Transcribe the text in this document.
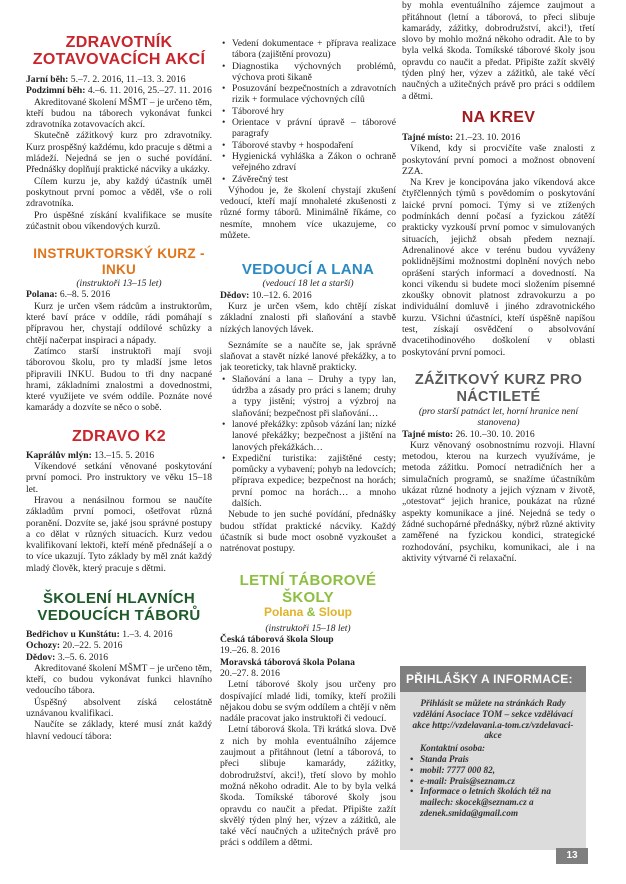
ZDRAVOTNÍK ZOTAVOVACÍCH AKCÍ

Jarní běh: 5.–7. 2. 2016, 11.–13. 3. 2016

Podzimní běh: 4.–6. 11. 2016, 25.–27. 11. 2016

Akreditované školení MŠMT – je určeno těm, kteří budou na táborech vykonávat funkci zdravotníka zotavovacích akcí.

Skutečně zážitkový kurz pro zdravotníky. Kurz prospěšný každému, kdo pracuje s dětmi a mládeží. Nejedná se jen o suché povídání. Přednášky doplňují praktické nácviky a ukázky.

Cílem kurzu je, aby každý účastník uměl poskytnout první pomoc a věděl, vše o roli zdravotníka.

Pro úspěšné získání kvalifikace se musíte zúčastnit obou víkendových kurzů.

INSTRUKTORSKÝ KURZ - INKU

(instruktoři 13–15 let)

Polana: 6.–8. 5. 2016

Kurz je určen všem rádcům a instruktorům, které baví práce v oddíle, rádi pomáhají s přípravou her, chystají oddílové schůzky a chtějí načerpat inspiraci a nápady.

Zatímco starší instruktoři mají svoji táborovou školu, pro ty mladší jsme letos připravili INKU. Budou to tři dny nacpané hrami, základními znalostmi a dovednostmi, které využijete ve svém oddíle. Poznáte nové kamarády a dozvíte se něco o sobě.

ZDRAVO K2

Kaprálův mlýn: 13.–15. 5. 2016

Víkendové setkání věnované poskytování první pomoci. Pro instruktory ve věku 15–18 let.

Hravou a nenásilnou formou se naučíte základům první pomoci, ošetřovat různá poranění. Dozvíte se, jaké jsou správné postupy a co dělat v různých situacích. Kurz vedou kvalifikovaní lektoři, kteří méně přednášejí a o to více ukazují. Tyto základy by měl znát každý mladý člověk, který pracuje s dětmi.

ŠKOLENÍ HLAVNÍCH VEDOUCÍCH TÁBORŮ

Bedřichov u Kunštátu: 1.–3. 4. 2016

Ochozy: 20.–22. 5. 2016

Dědov: 3.–5. 6. 2016

Akreditované školení MŠMT – je určeno těm, kteří, co budou vykonávat funkci hlavního vedoucího tábora.

Úspěšný absolvent získá celostátně uznávanou kvalifikaci.

Naučíte se základy, které musí znát každý hlavní vedoucí tábora:

• Vedení dokumentace + příprava realizace tábora (zajištění provozu)
• Diagnostika výchovných problémů, výchova proti šikaně
• Posuzování bezpečnostních a zdravotních rizik + formulace výchovných cílů
• Táborové hry
• Orientace v právní úpravě – táborové paragrafy
• Táborové stavby + hospodaření
• Hygienická vyhláška a Zákon o ochraně veřejného zdraví
• Závěrečný test

Výhodou je, že školení chystají zkušení vedoucí, kteří mají mnohaleté zkušenosti z různé formy táborů. Minimálně říkáme, co nesmíte, mnohem více ukazujeme, co můžete.

VEDOUCÍ A LANA

(vedoucí 18 let a starší)

Dědov: 10.–12. 6. 2016

Kurz je určen všem, kdo chtějí získat základní znalosti při slaňování a stavbě nízkých lanových lávek.

Seznámíte se a naučíte se, jak správně slaňovat a stavět nízké lanové překážky, a to jak teoreticky, tak hlavně prakticky.

• Slaňování a lana – Druhy a typy lan, údržba a zásady pro práci s lanem; druhy a typy jistění; výstroj a výzbroj na slaňování; bezpečnost při slaňování…
• lanové překážky: způsob vázání lan; nízké lanové překážky; bezpečnost a jištění na lanových překážkách…
• Expediční turistika: zajištěné cesty; pomůcky a vybavení; pohyb na ledovcích; příprava expedice; bezpečnost na horách; první pomoc na horách… a mnoho dalších.

Nebude to jen suché povídání, přednášky budou střídat praktické nácviky. Každý účastník si bude moct osobně vyzkoušet a natrénovat postupy.

LETNÍ TÁBOROVÉ ŠKOLY
Polana & Sloup

(instruktoři 15–18 let)

Česká táborová škola Sloup

19.–26. 8. 2016

Moravská táborová škola Polana

20.–27. 8. 2016

Letní táborové školy jsou určeny pro dospívající mladé lidi, tomíky, kteří prožili nějakou dobu se svým oddílem a chtějí v něm nadále pracovat jako instruktoři či vedoucí.

Letní táborová škola. Tři krátká slova. Dvě z nich by mohla eventuálního zájemce zaujmout a přitáhnout (letní a táborová, to přeci slibuje kamarády, zážitky, dobrodružství, akci!), třetí slovo by mohlo možná někoho odradit. Ale to by byla velká škoda. Tomíkské táborové školy jsou opravdu co naučit a předat. Připište zažít skvělý týden plný her, výzev a zážitků, ale také věcí naučných a užitečných právě pro práci s oddílem a dětmi.

by mohla eventuálního zájemce zaujmout a přitáhnout (letní a táborová, to přeci slibuje kamarády, zážitky, dobrodružství, akci!), třetí slovo by mohlo možná někoho odradit. Ale to by byla velká škoda. Tomíkské táborové školy jsou opravdu co naučit a předat. Připište zažít skvělý týden plný her, výzev a zážitků, ale také věcí naučných a užitečných právě pro práci s oddílem a dětmi.

NA KREV

Tajné místo: 21.–23. 10. 2016

Víkend, kdy si procvičíte vaše znalosti z poskytování první pomoci a možnost obnovení ZZA.

Na Krev je koncipována jako víkendová akce čtyřčlenných týmů s povědomím o poskytování laické první pomoci. Týmy si ve ztížených podmínkách denní počasí a fyzickou zátěží prakticky vyzkouší první pomoc v simulovaných situacích, jejichž obsah předem neznají. Adrenalinové akce v terénu budou vyváženy poklidnějšími možnostmi doplnění nových nebo oprášení starých informací a dovedností. Na konci víkendu si budete moci složením písemné zkoušky obnovit platnost zdravokurzu a po individuální domluvě i jiného zdravotnického kurzu. Všichni účastníci, kteří úspěšně napíšou test, získají osvědčení o absolvování dvacetihodinového doškolení v oblasti poskytování první pomoci.

ZÁŽITKOVÝ KURZ PRO NÁCTILETÉ

(pro starší patnáct let, horní hranice není stanovena)

Tajné místo: 26. 10.–30. 10. 2016

Kurz věnovaný osobnostnímu rozvoji. Hlavní metodou, kterou na kurzech využíváme, je metoda zážitku. Pomocí netradičních her a simulačních programů, se snažíme účastníkům ukázat různé hodnoty a jejich význam v životě, „otestovat“ jejich hranice, poukázat na různé aspekty komunikace a jiné. Nejedná se tedy o žádné suchopárné přednášky, nýbrž různé aktivity zaměřené na fyzickou kondici, strategické rozhodování, psychiku, komunikaci, ale i na aktivity výtvarné či relaxační.

PŘIHLÁŠKY A INFORMACE:

Přihlásit se můžete na stránkách Rady vzdělání Asociace TOM – sekce vzdělávací akce http://vzdelavani.a-tom.cz/vzdelavaci-akce

Kontaktní osoba:
• Standa Prais
• mobil: 7777 000 82,
• e-mail: Prais@seznam.cz
• Informace o letních školách též na mailech: skocek@seznam.cz a zdenek.smida@gmail.com
13
